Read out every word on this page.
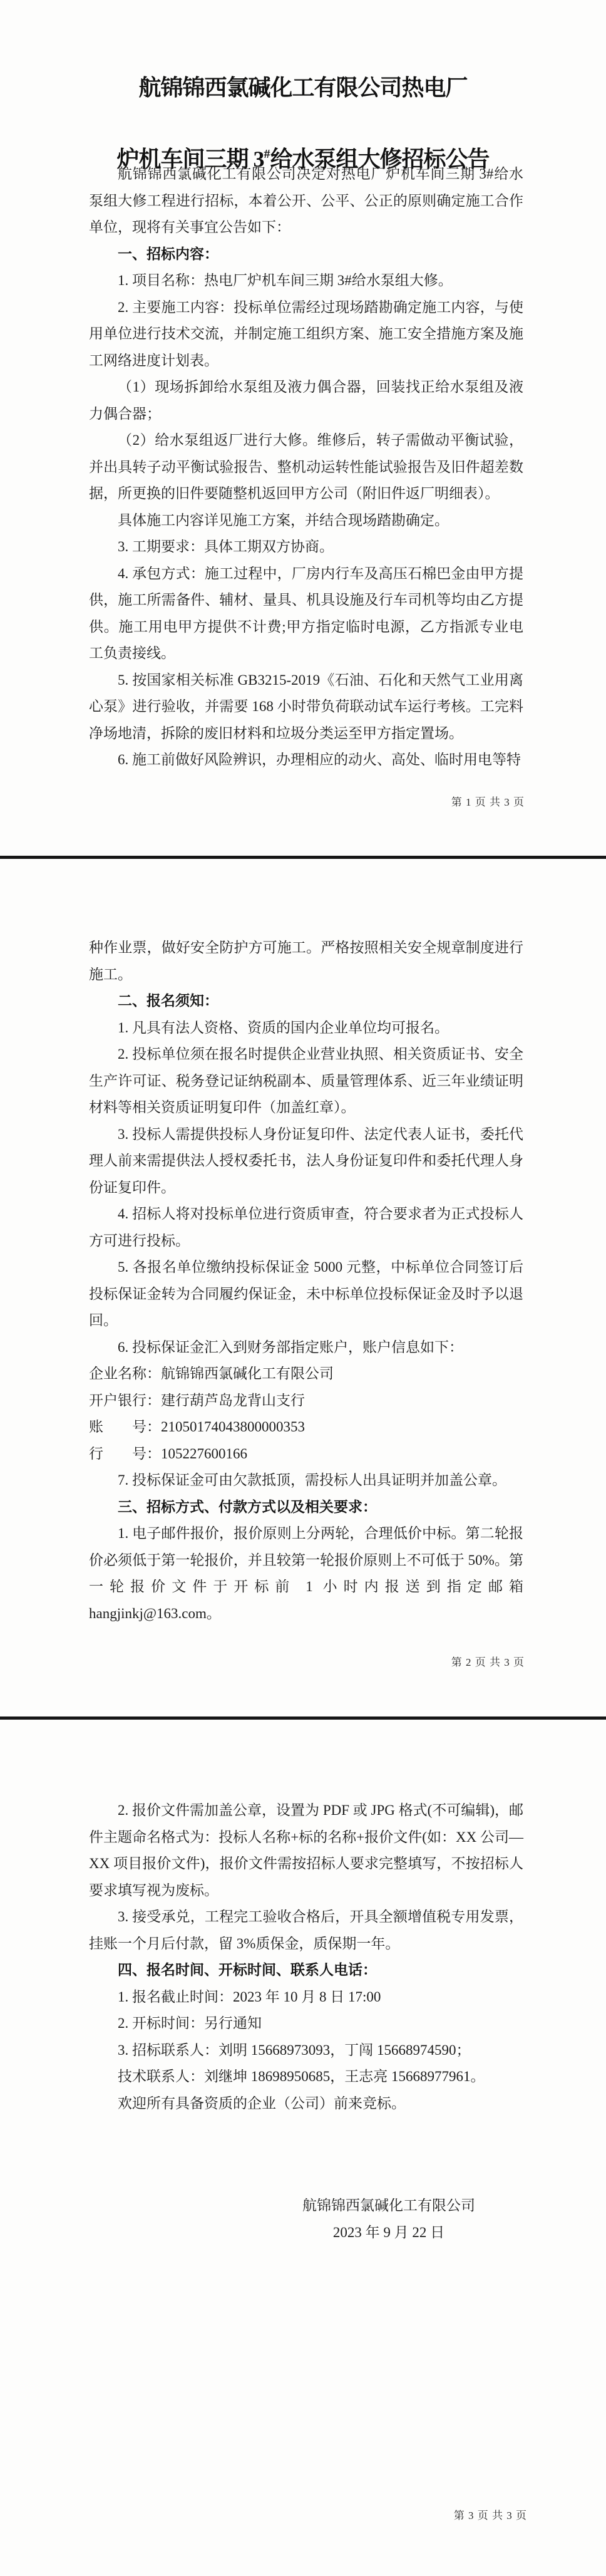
航锦锦西氯碱化工有限公司热电厂
炉机车间三期 3#给水泵组大修招标公告

航锦锦西氯碱化工有限公司决定对热电厂炉机车间三期 3#给水泵组大修工程进行招标，本着公开、公平、公正的原则确定施工合作单位，现将有关事宜公告如下：

一、招标内容：

1. 项目名称：热电厂炉机车间三期 3#给水泵组大修。

2. 主要施工内容：投标单位需经过现场踏勘确定施工内容，与使用单位进行技术交流，并制定施工组织方案、施工安全措施方案及施工网络进度计划表。

（1）现场拆卸给水泵组及液力偶合器，回装找正给水泵组及液力偶合器；

（2）给水泵组返厂进行大修。维修后，转子需做动平衡试验，并出具转子动平衡试验报告、整机动运转性能试验报告及旧件超差数据，所更换的旧件要随整机返回甲方公司（附旧件返厂明细表）。

具体施工内容详见施工方案，并结合现场踏勘确定。

3. 工期要求：具体工期双方协商。

4. 承包方式：施工过程中，厂房内行车及高压石棉巴金由甲方提供，施工所需备件、辅材、量具、机具设施及行车司机等均由乙方提供。施工用电甲方提供不计费;甲方指定临时电源，乙方指派专业电工负责接线。

5. 按国家相关标准 GB3215-2019《石油、石化和天然气工业用离心泵》进行验收，并需要 168 小时带负荷联动试车运行考核。工完料净场地清，拆除的废旧材料和垃圾分类运至甲方指定置场。

6. 施工前做好风险辨识，办理相应的动火、高处、临时用电等特

第 1 页 共 3 页

种作业票，做好安全防护方可施工。严格按照相关安全规章制度进行施工。

二、报名须知：

1. 凡具有法人资格、资质的国内企业单位均可报名。

2. 投标单位须在报名时提供企业营业执照、相关资质证书、安全生产许可证、税务登记证纳税副本、质量管理体系、近三年业绩证明材料等相关资质证明复印件（加盖红章）。

3. 投标人需提供投标人身份证复印件、法定代表人证书，委托代理人前来需提供法人授权委托书，法人身份证复印件和委托代理人身份证复印件。

4. 招标人将对投标单位进行资质审查，符合要求者为正式投标人方可进行投标。

5. 各报名单位缴纳投标保证金 5000 元整，中标单位合同签订后投标保证金转为合同履约保证金，未中标单位投标保证金及时予以退回。

6. 投标保证金汇入到财务部指定账户，账户信息如下：

企业名称：航锦锦西氯碱化工有限公司

开户银行：建行葫芦岛龙背山支行

账　　号：21050174043800000353

行　　号：105227600166

7. 投标保证金可由欠款抵顶，需投标人出具证明并加盖公章。

三、招标方式、付款方式以及相关要求：

1. 电子邮件报价，报价原则上分两轮，合理低价中标。第二轮报价必须低于第一轮报价，并且较第一轮报价原则上不可低于 50%。第一轮报价文件于开标前 1 小时内报送到指定邮箱 hangjinkj@163.com。

第 2 页 共 3 页

2. 报价文件需加盖公章，设置为 PDF 或 JPG 格式(不可编辑)，邮件主题命名格式为：投标人名称+标的名称+报价文件(如：XX 公司—XX 项目报价文件)，报价文件需按招标人要求完整填写，不按招标人要求填写视为废标。

3. 接受承兑，工程完工验收合格后，开具全额增值税专用发票，挂账一个月后付款，留 3%质保金，质保期一年。

四、报名时间、开标时间、联系人电话：

1. 报名截止时间：2023 年 10 月 8 日 17:00

2. 开标时间：另行通知

3. 招标联系人：刘明 15668973093，丁闯 15668974590；

技术联系人：刘继坤 18698950685，王志亮 15668977961。

欢迎所有具备资质的企业（公司）前来竞标。

航锦锦西氯碱化工有限公司
2023 年 9 月 22 日
第 3 页 共 3 页
